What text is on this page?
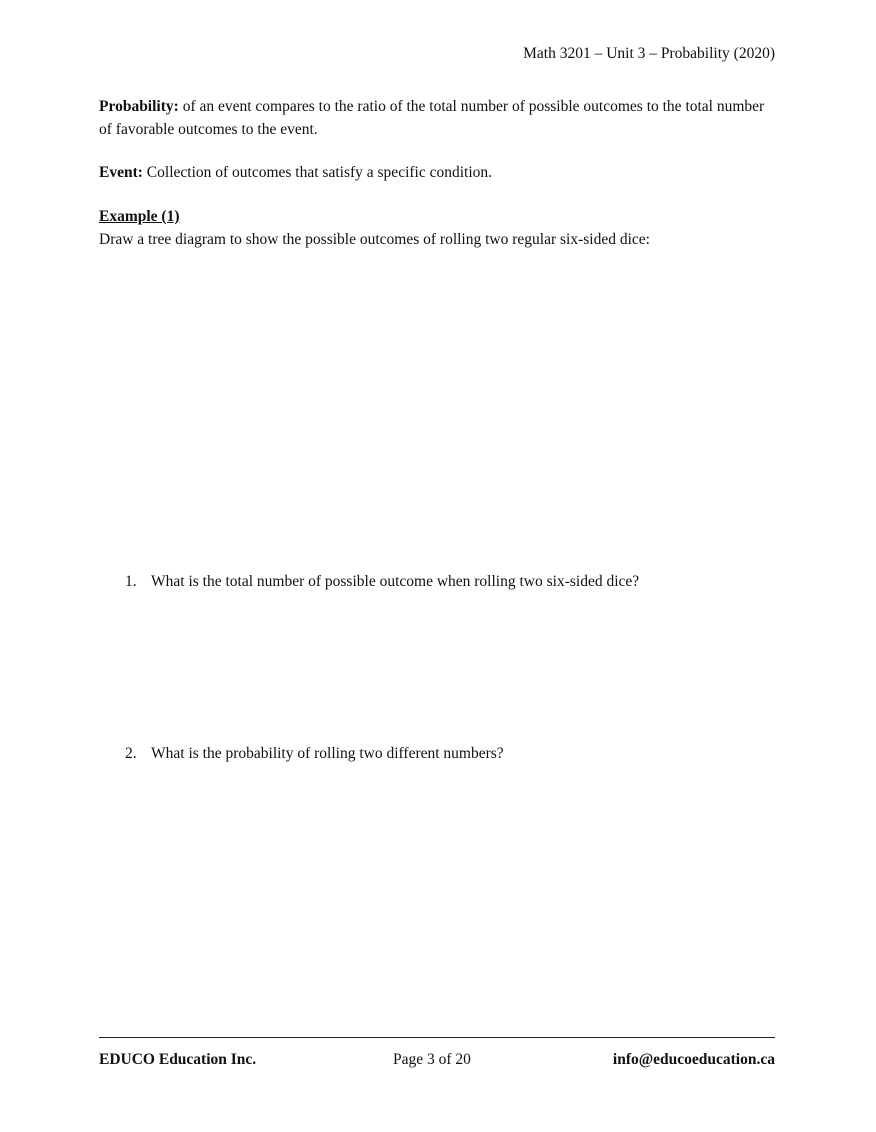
Math 3201 – Unit 3 – Probability (2020)
Probability: of an event compares to the ratio of the total number of possible outcomes to the total number of favorable outcomes to the event.
Event: Collection of outcomes that satisfy a specific condition.
Example (1)
Draw a tree diagram to show the possible outcomes of rolling two regular six-sided dice:
1. What is the total number of possible outcome when rolling two six-sided dice?
2. What is the probability of rolling two different numbers?
EDUCO Education Inc.	Page 3 of 20	info@educoeducation.ca
